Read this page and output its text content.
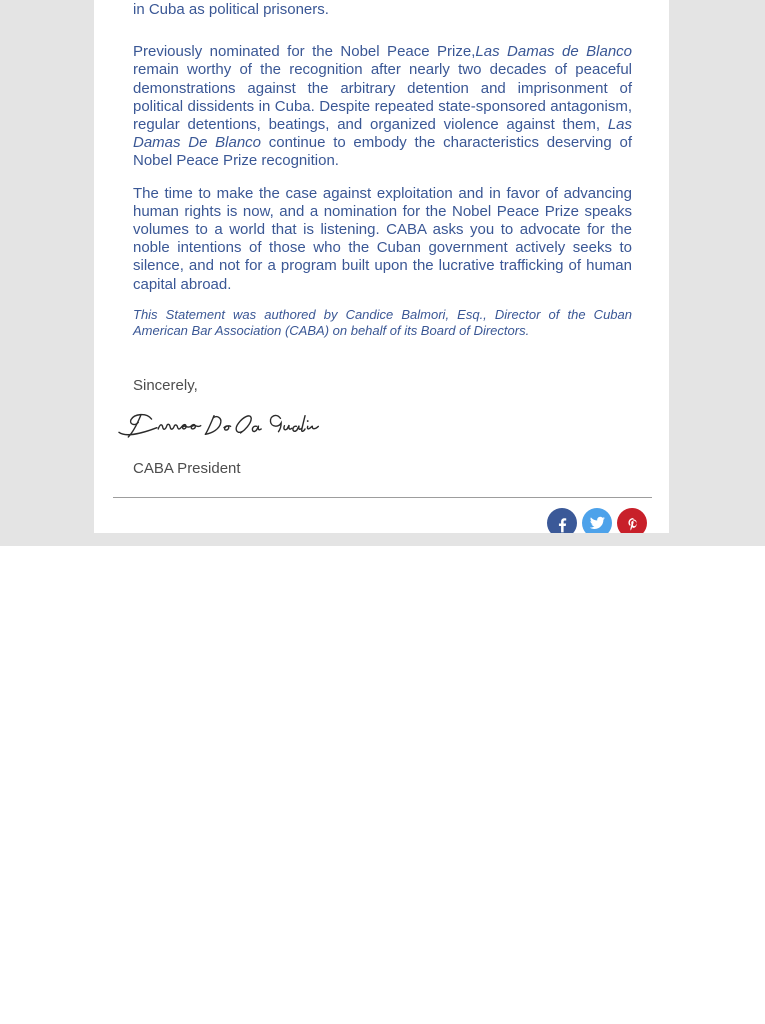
in Cuba as political prisoners.

Previously nominated for the Nobel Peace Prize,Las Damas de Blanco remain worthy of the recognition after nearly two decades of peaceful demonstrations against the arbitrary detention and imprisonment of political dissidents in Cuba. Despite repeated state-sponsored antagonism, regular detentions, beatings, and organized violence against them, Las Damas De Blanco continue to embody the characteristics deserving of Nobel Peace Prize recognition.

The time to make the case against exploitation and in favor of advancing human rights is now, and a nomination for the Nobel Peace Prize speaks volumes to a world that is listening. CABA asks you to advocate for the noble intentions of those who the Cuban government actively seeks to silence, and not for a program built upon the lucrative trafficking of human capital abroad.

This Statement was authored by Candice Balmori, Esq., Director of the Cuban American Bar Association (CABA) on behalf of its Board of Directors.

Sincerely,
CABA President
